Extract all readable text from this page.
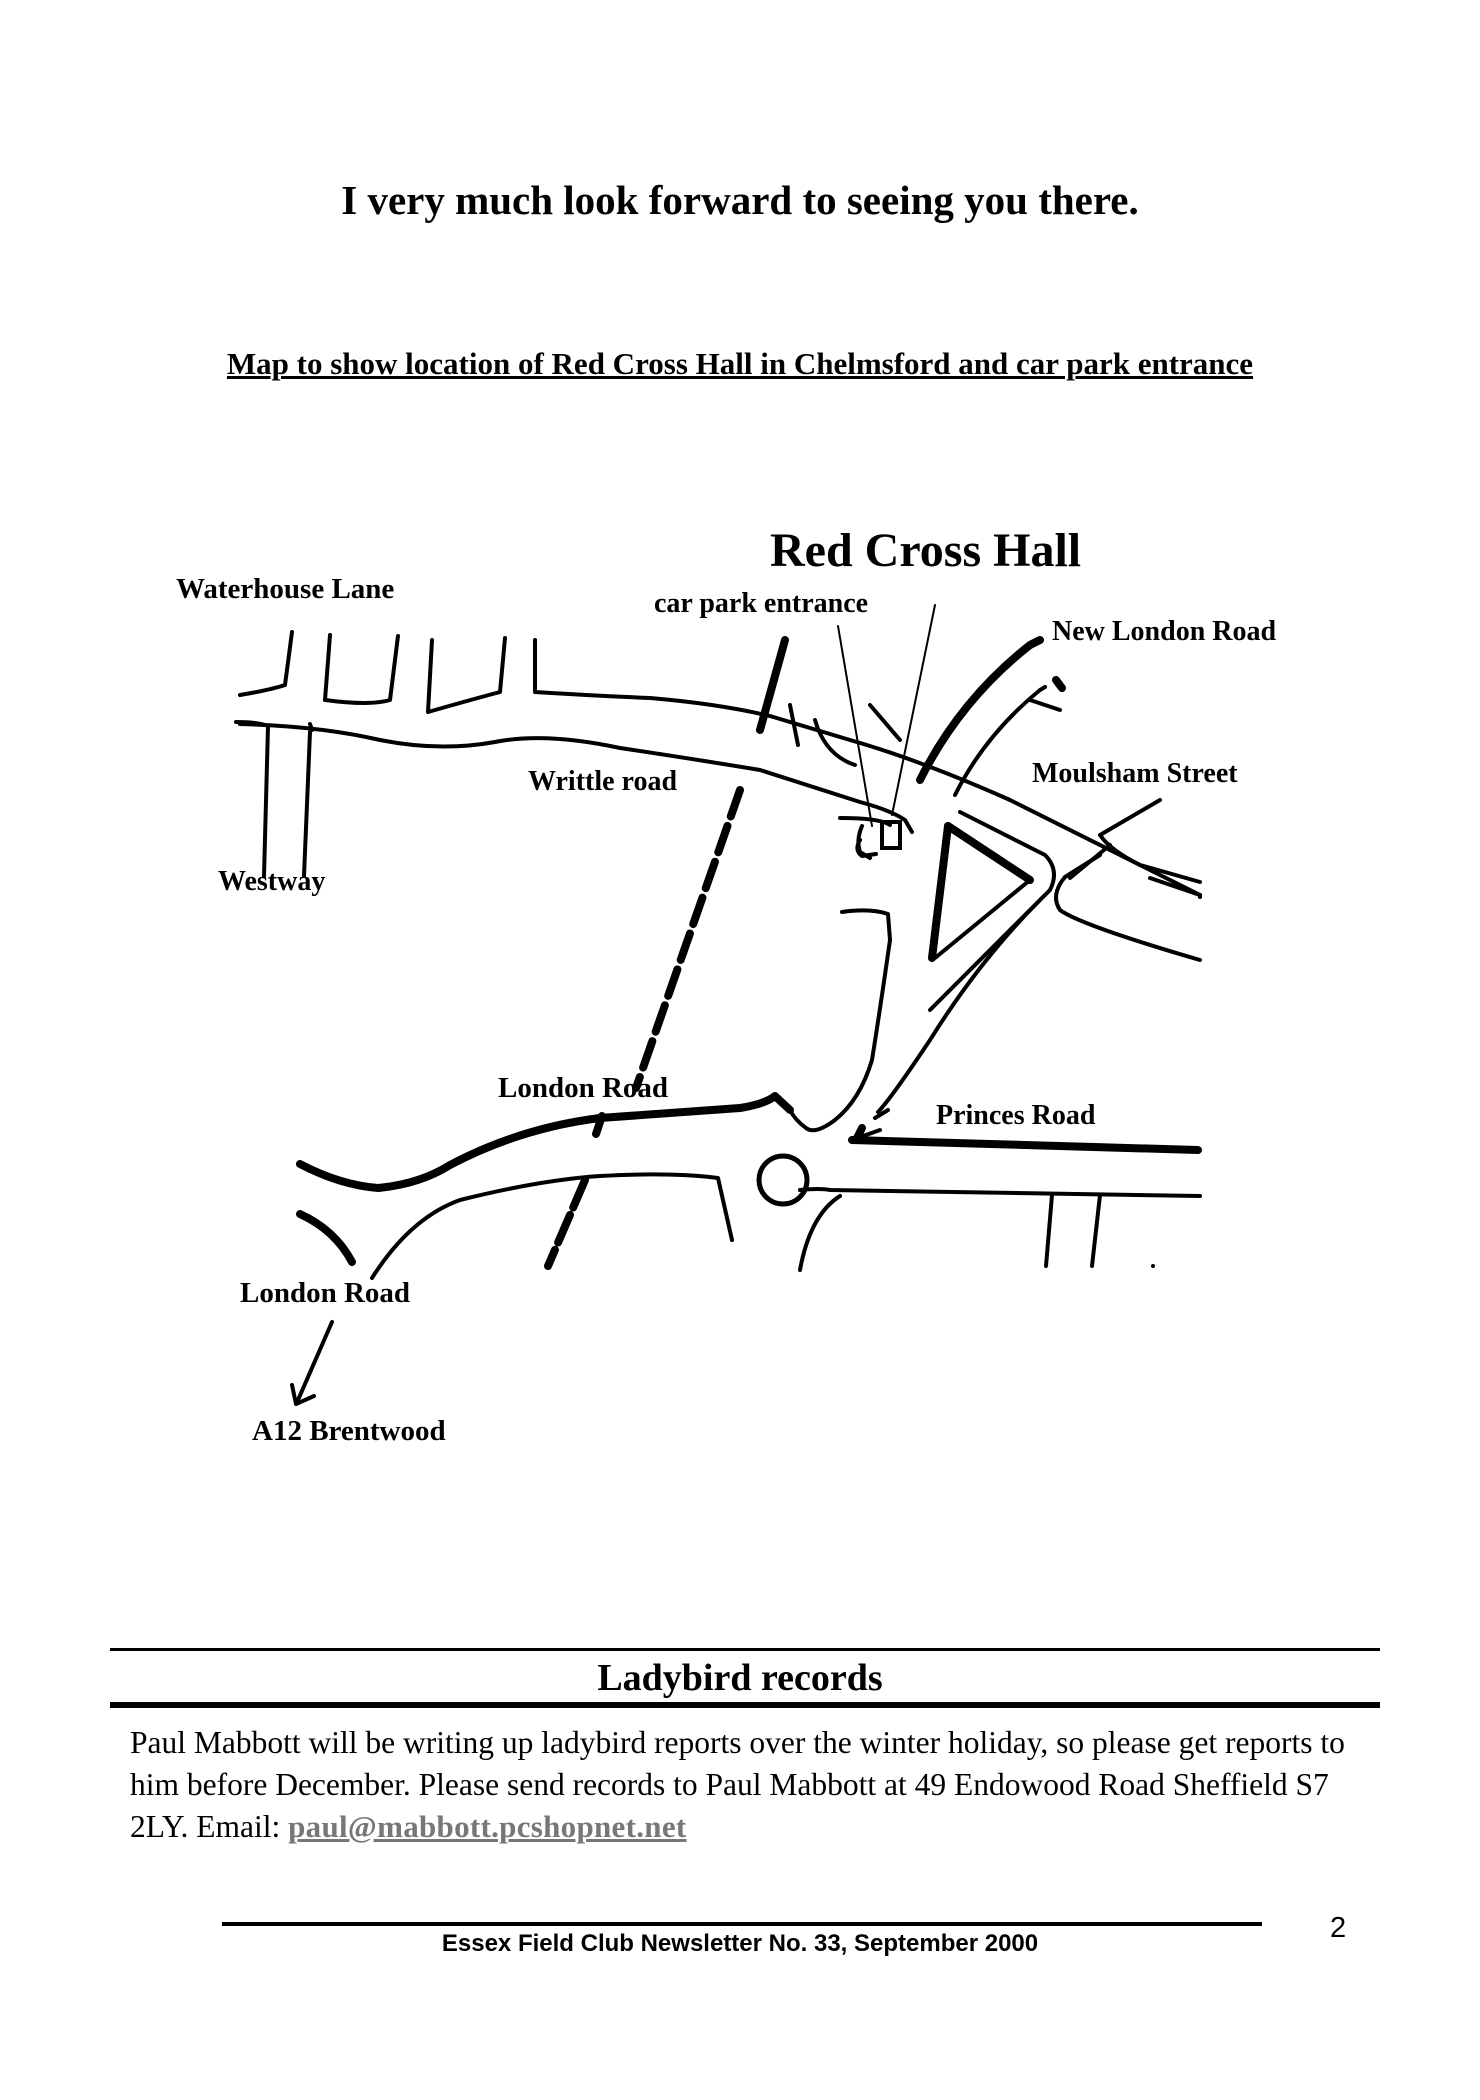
I very much look forward to seeing you there.
Map to show location of Red Cross Hall in Chelmsford and car park entrance
Red Cross Hall
Waterhouse Lane	car park entrance
New London Road
Moulsham Street
Writtle road
Westway
London Road
Princes Road
London Road
A12 Brentwood
Ladybird records
Paul Mabbott will be writing up ladybird reports over the winter holiday, so please get reports to him before December. Please send records to Paul Mabbott at 49 Endowood Road Sheffield S7 2LY. Email: paul@mabbott.pcshopnet.net
Essex Field Club Newsletter No. 33, September 2000	2
